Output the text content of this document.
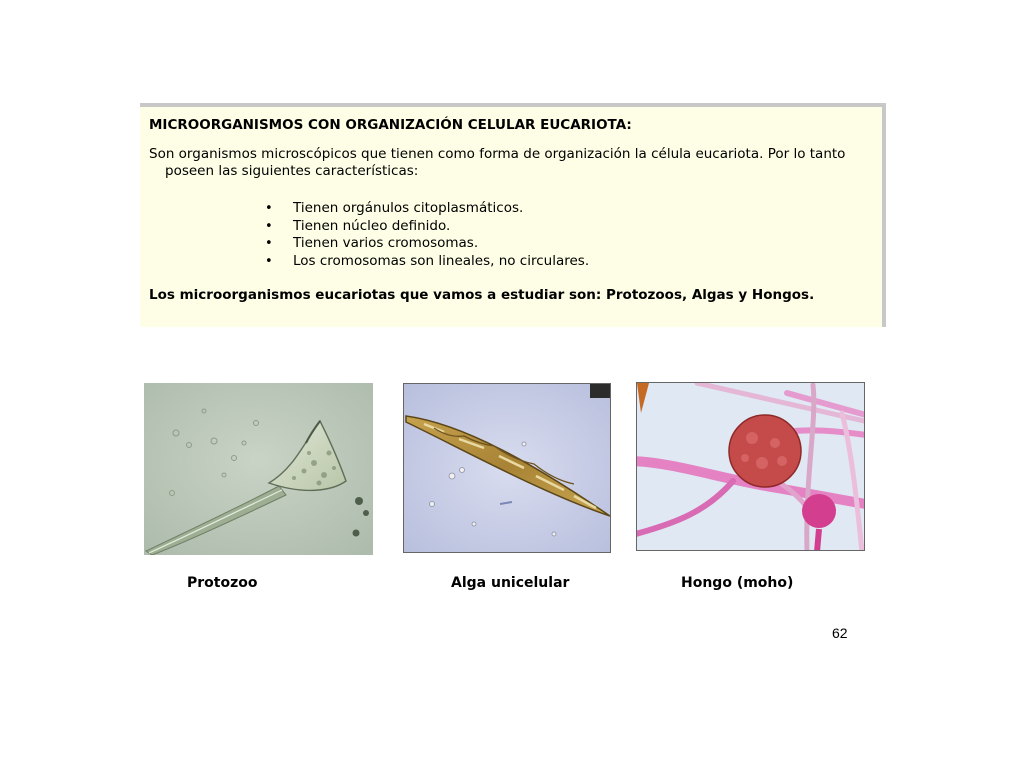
MICROORGANISMOS CON ORGANIZACIÓN CELULAR EUCARIOTA:

Son organismos microscópicos que tienen como forma de organización la célula eucariota. Por lo tanto poseen las siguientes características:

• Tienen orgánulos citoplasmáticos.
• Tienen núcleo definido.
• Tienen varios cromosomas.
• Los cromosomas son lineales, no circulares.

Los microorganismos eucariotas que vamos a estudiar son: Protozoos, Algas y Hongos.

Protozoo	Alga unicelular	Hongo (moho)
62
